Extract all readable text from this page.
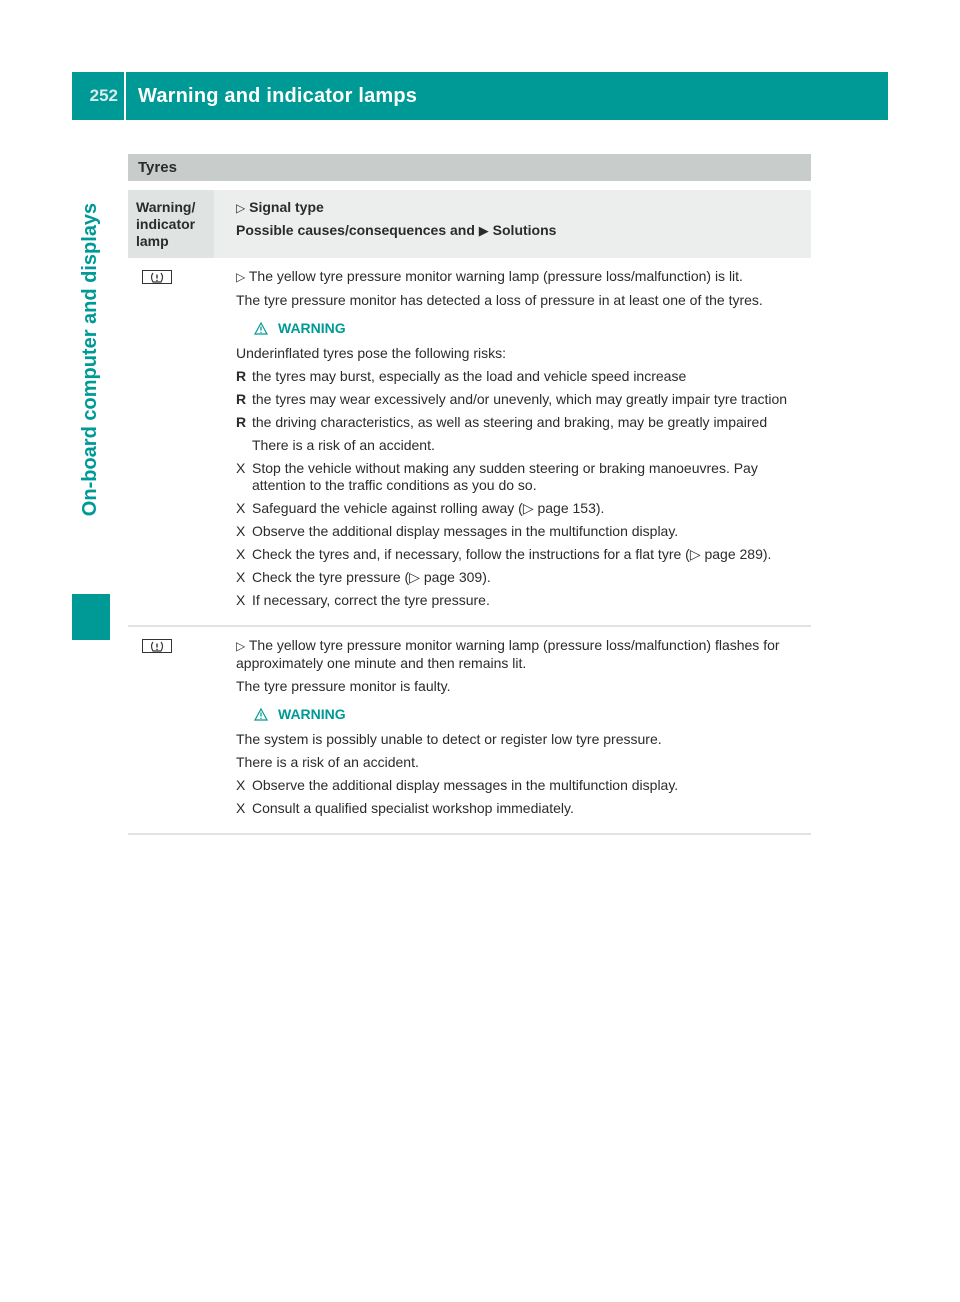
252	Warning and indicator lamps
On-board computer and displays
Tyres
Warning/ indicator lamp
▷ Signal type
Possible causes/consequences and ▶ Solutions

▷ The yellow tyre pressure monitor warning lamp (pressure loss/malfunction) is lit.

The tyre pressure monitor has detected a loss of pressure in at least one of the tyres.

WARNING

Underinflated tyres pose the following risks:

R the tyres may burst, especially as the load and vehicle speed increase
R the tyres may wear excessively and/or unevenly, which may greatly impair tyre traction
R the driving characteristics, as well as steering and braking, may be greatly impaired

There is a risk of an accident.

X Stop the vehicle without making any sudden steering or braking manoeuvres. Pay attention to the traffic conditions as you do so.
X Safeguard the vehicle against rolling away (▷ page 153).
X Observe the additional display messages in the multifunction display.
X Check the tyres and, if necessary, follow the instructions for a flat tyre (▷ page 289).
X Check the tyre pressure (▷ page 309).
X If necessary, correct the tyre pressure.

▷ The yellow tyre pressure monitor warning lamp (pressure loss/malfunction) flashes for approximately one minute and then remains lit.

The tyre pressure monitor is faulty.

WARNING

The system is possibly unable to detect or register low tyre pressure.

There is a risk of an accident.

X Observe the additional display messages in the multifunction display.
X Consult a qualified specialist workshop immediately.
